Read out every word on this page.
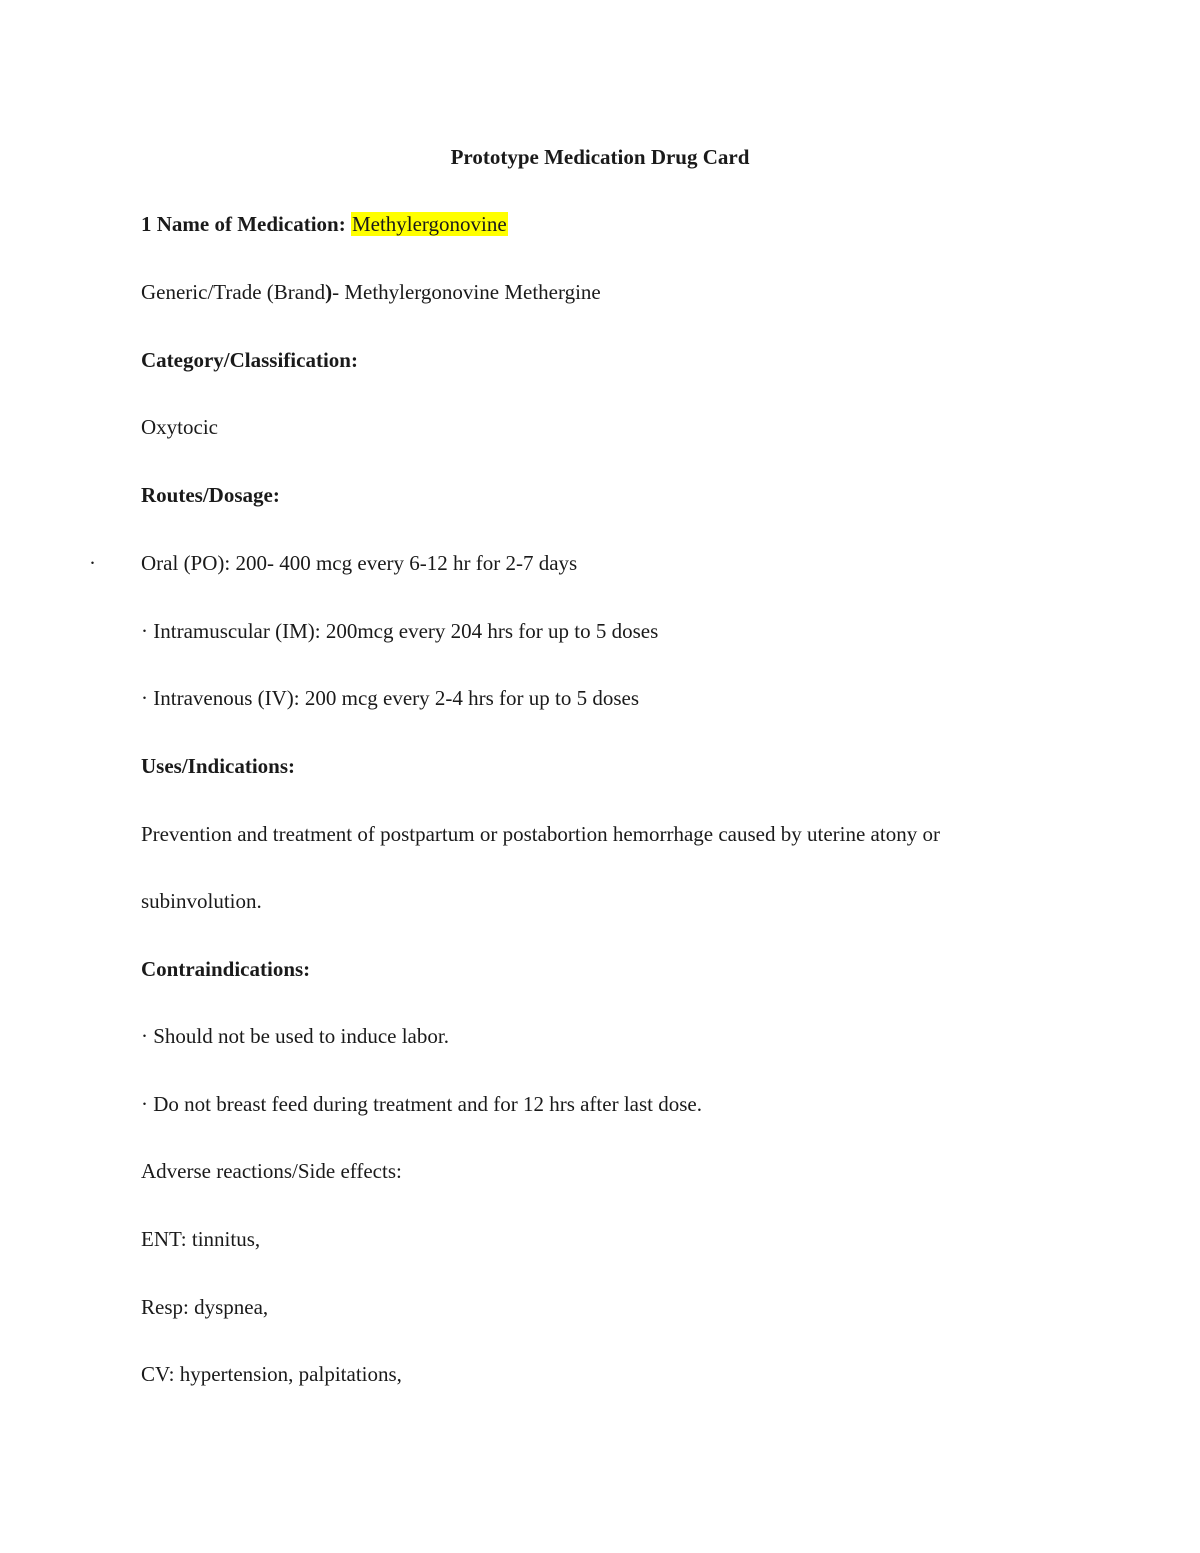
Prototype Medication Drug Card
1 Name of Medication: Methylergonovine
Generic/Trade (Brand)- Methylergonovine Methergine
Category/Classification:
Oxytocic
Routes/Dosage:
· Oral (PO): 200- 400 mcg every 6-12 hr for 2-7 days
· Intramuscular (IM): 200mcg every 204 hrs for up to 5 doses
· Intravenous (IV): 200 mcg every 2-4 hrs for up to 5 doses
Uses/Indications:
Prevention and treatment of postpartum or postabortion hemorrhage caused by uterine atony or
subinvolution.
Contraindications:
· Should not be used to induce labor.
· Do not breast feed during treatment and for 12 hrs after last dose.
Adverse reactions/Side effects:
ENT: tinnitus,
Resp: dyspnea,
CV: hypertension, palpitations,
